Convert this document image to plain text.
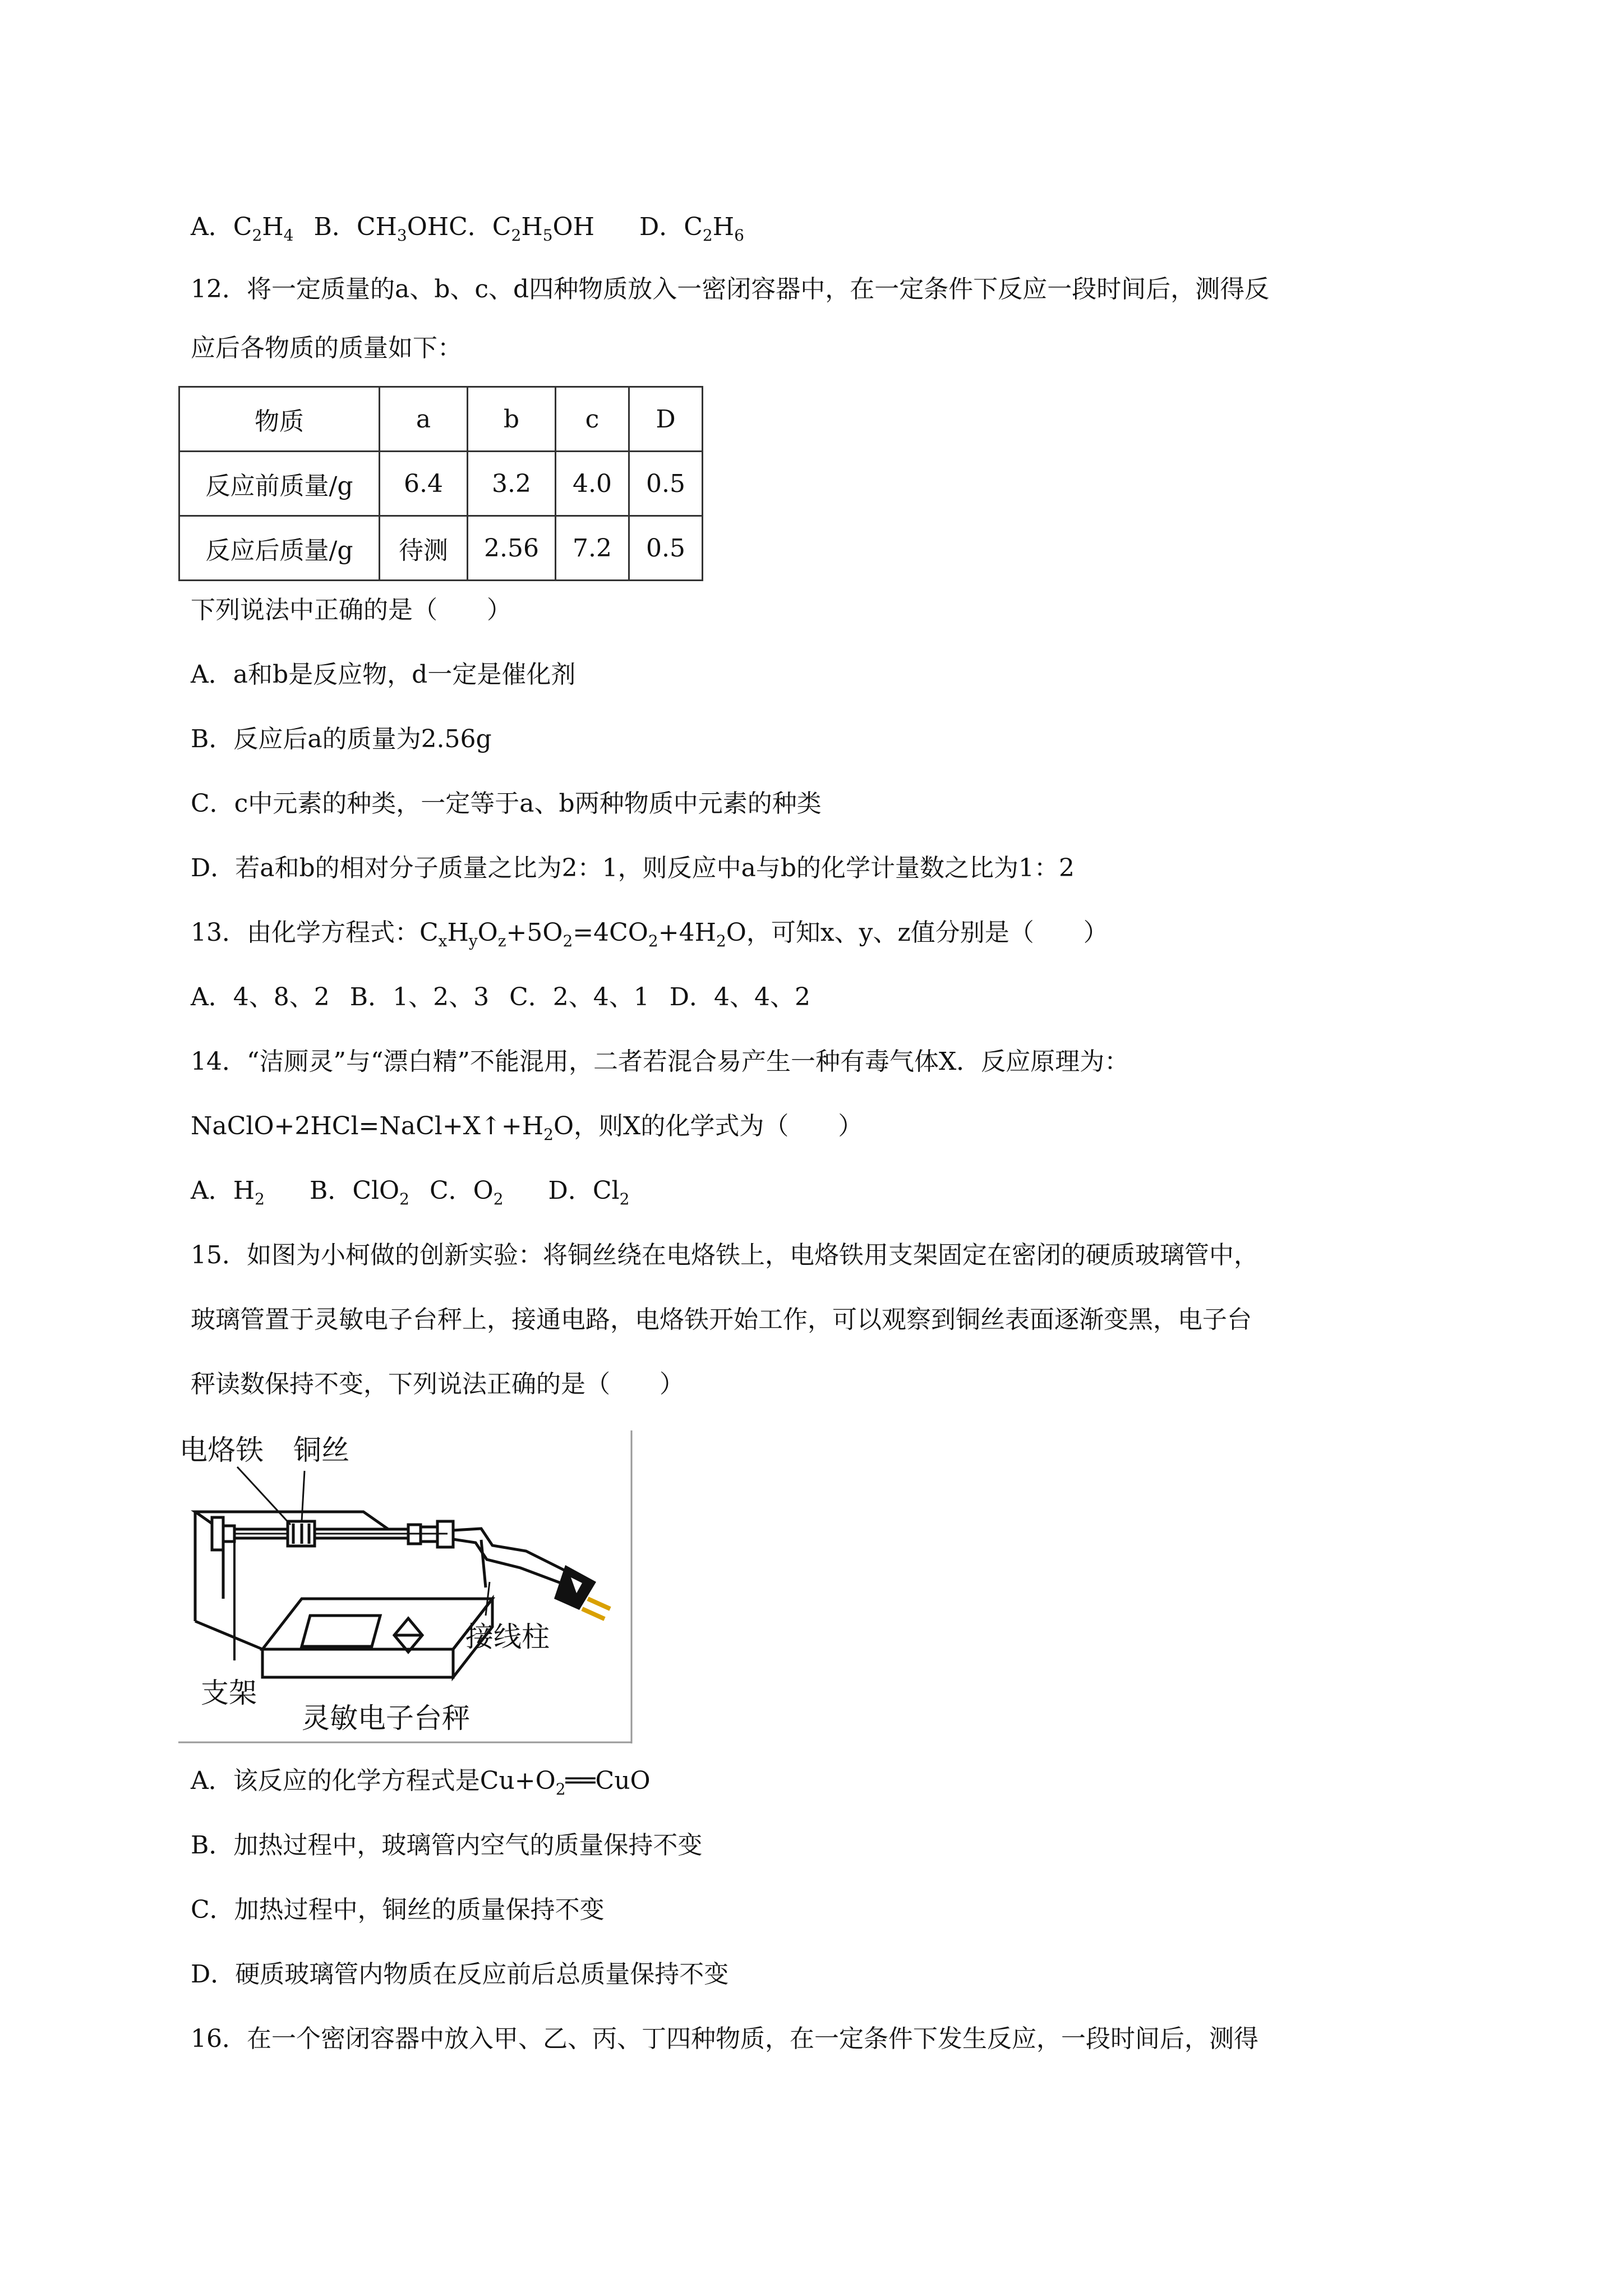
A．$C_2H_4$ B．$CH_3OHC$．$C_2H_5OH$ D．$C_2H_6$
12．将一定质量的a、b、c、d四种物质放入一密闭容器中，在一定条件下反应一段时间后，测得反
应后各物质的质量如下：
物质	a	b	c	D
反应前质量/g	6.4	3.2	4.0	0.5
反应后质量/g	待测	2.56	7.2	0.5
下列说法中正确的是（　　）
A．a和b是反应物，d一定是催化剂
B．反应后a的质量为2.56g
C．c中元素的种类，一定等于a、b两种物质中元素的种类
D．若a和b的相对分子质量之比为2：1，则反应中a与b的化学计量数之比为1：2
13．由化学方程式：$C_xH_yO_z+5O_2=4CO_2+4H_2O$，可知x、y、z值分别是（　　）
A．4、8、2 B．1、2、3 C．2、4、1 D．4、4、2
14．“洁厕灵”与“漂白精”不能混用，二者若混合易产生一种有毒气体X．反应原理为：
$NaClO+2HCl=NaCl+X↑+H_2O$，则X的化学式为（　　）
A．$H_2$ B．ClO$_2$ C．$O_2$ D．$Cl_2$
15．如图为小柯做的创新实验：将铜丝绕在电烙铁上，电烙铁用支架固定在密闭的硬质玻璃管中，
玻璃管置于灵敏电子台秤上，接通电路，电烙铁开始工作，可以观察到铜丝表面逐渐变黑，电子台
秤读数保持不变，下列说法正确的是（　　）
电烙铁 铜丝
接线柱
支架
灵敏电子台秤
A．该反应的化学方程式是$Cu+O_2══CuO$
B．加热过程中，玻璃管内空气的质量保持不变
C．加热过程中，铜丝的质量保持不变
D．硬质玻璃管内物质在反应前后总质量保持不变
16．在一个密闭容器中放入甲、乙、丙、丁四种物质，在一定条件下发生反应，一段时间后，测得
